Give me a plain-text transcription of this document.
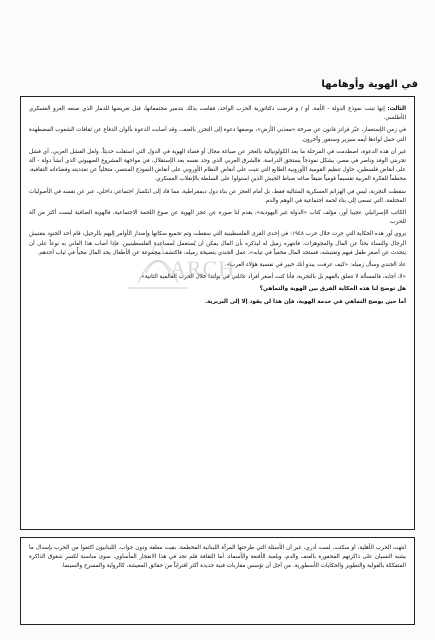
في الهوية وأوهامها

الثالث: إنها تبنت نموذج الدولة - الأمة، أو / و فرضت دكتاتورية الحزب الواحد، فقامت بذلك بتدمير مجتمعاتها، قبل تعريضها للدمار الذي صنعه الغزو العسكري الأطلسي.

في زمن الإستعمار، عبّر فرانز فانون عن صرخة «معذبي الأرض»، بوصفها دعوة إلى التحرر بالعنف، وقد أصابت الدعوة بألوان الدفاع عن ثقافات الشعوب المضطهدة التي حمل لواءها أيمه سيزير وسنغور وآخرون.

غير أن هذه الدعوة، اصطدمت في المرحلة ما بعد الكولونيالية بالعجز عن صياغة مجال أو فضاء الهوية في الدول التي استقلت حديثاً. ولعل الفشل العربي، أي فشل تجربتي الوفد وناصر في مصر، يشكل نموذجاً يستحق الدراسة. فالشرق العربي الذي وجد نفسه بعد الإستقلال، في مواجهة المشروع الصهيوني الذي أنشأ دولة - آلة على أنقاض فلسطين، حاول تنظيم القومية الأوروبية الطابع التي تنبت على أنقاض النظام الأوروبي على أنقاض النموذج المنتصر، متخلياً عن تعدديته وفضاءاته الثقافية، محطماً للفكرة العربية تقسيماً قومياً ضيقاً صاغه ضباط الجيش الذين استولوا على السلطة بالإنقلاب العسكري.

سقطت التجربة، ليس في الهزائم العسكرية المتتالية فقط، بل أمام العجز عن بناء دول ديمقراطية، مما قاد إلى انكسار اجتماعي داخلي، عبر عن نفسه في الأصوليات المختلفة، التي تسعى إلى بناء لحمة اجتماعية في الوهم والدم.

الكاتب الإسرائيلي عجيبا أور، مؤلف كتاب «الدولة غير اليهودية»، يقدم لنا صورة عن عجز الهوية عن صوغ اللحمة الاجتماعية، فالهوية الصافية ليست أكثر من آلة للحرب.

يروي أور هذه الحكاية التي جرت خلال حرب ١٩٤٨: في إحدى القرى الفلسطينية التي سقطت وتم تجميع سكانها وإصدار الأوامر إليهم بالرحيل، قام أحد الجنود بتفتيش الرجال والنساء بحثاً عن المال والمجوهرات. فانتهره زميل له ليذكره بأن المال يمكن أن يُستعمل لمساعدة الفلسطينيين. فإذا أصاب هذا العاني به نوعاً على أن يتحدث عن أصغر طفل فيهم وتفتيشه، فستجد المال مخفياً في ثيابه»، عمل الجندي بنصيحة زميله، فاكتشف مجموعة عن الأطفال يجد المال مخبأً في ثياب أحدهم.

عاد الجندي وسأل زميله: «كيف عرفت، يبدو أنك خبير في نفسية هؤلاء العرب».

«لا، أجابه، فالمسألة لا تتعلق بالفهم بل بالتجربة، فأنا كنت أصغر أفراد عائلتي في بولندا خلال الحرب العالمية الثانية».

هل توضح لنا هذه الحكاية الفرق بين الهوية والتماهي؟

أما حين يوضح التماهي في خدمة الهوية، فإن هذا لن يقود إلا إلى البربرية.

انتهت الحرب الأهلية، أو سكتت، لست أدري، غير أن الأسئلة التي طرحتها المرآة اللبنانية المحطمة، بقيت معلقة ودون جواب. اللبنانيون اكتفوا من الحرب بإسدال ما يشبه النسيان على ذاكرتهم المحفورة بالعنف والدم، وبلعبة الأقنعة والأسماء. أما الثقافة فلم تجد في هذا الانفجار المأساوي، سوى مناسبة لكسر شقوق الذاكرة المتفككة بالقولبة والتطوير والحكايات الأسطورية. من أجل أن تؤسس مقاربات فنية جديدة أكثر اقتراباً من حقائق المعيشة، كالرواية والمسرح والسينما.

ARCH
